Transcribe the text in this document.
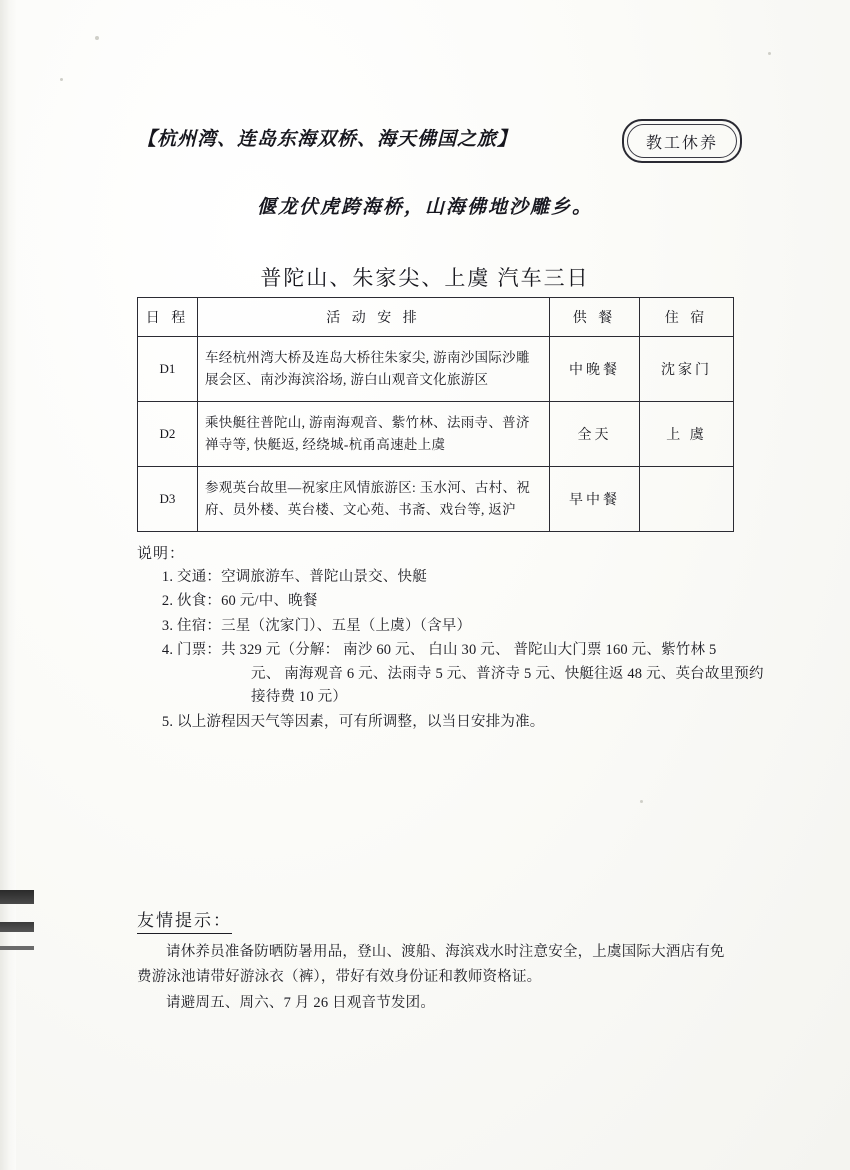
【杭州湾、连岛东海双桥、海天佛国之旅】	教工休养
偃龙伏虎跨海桥，山海佛地沙雕乡。
普陀山、朱家尖、上虞 汽车三日
日 程	活 动 安 排	供 餐	住 宿
D1	车经杭州湾大桥及连岛大桥往朱家尖, 游南沙国际沙雕展会区、南沙海滨浴场, 游白山观音文化旅游区	中晚餐	沈家门
D2	乘快艇往普陀山, 游南海观音、紫竹林、法雨寺、普济禅寺等, 快艇返, 经绕城-杭甬高速赴上虞	全天	上 虞
D3	参观英台故里—祝家庄风情旅游区: 玉水河、古村、祝府、员外楼、英台楼、文心苑、书斋、戏台等, 返沪	早中餐	
说明：
1. 交通：空调旅游车、普陀山景交、快艇
2. 伙食：60 元/中、晚餐
3. 住宿：三星（沈家门）、五星（上虞）（含早）
4. 门票：共 329 元（分解： 南沙 60 元、 白山 30 元、 普陀山大门票 160 元、紫竹林 5
元、 南海观音 6 元、法雨寺 5 元、普济寺 5 元、快艇往返 48 元、英台故里预约接待费 10 元）
5. 以上游程因天气等因素，可有所调整，以当日安排为准。
友情提示：

请休养员准备防晒防暑用品，登山、渡船、海滨戏水时注意安全，上虞国际大酒店有免费游泳池请带好游泳衣（裤），带好有效身份证和教师资格证。

请避周五、周六、7 月 26 日观音节发团。
